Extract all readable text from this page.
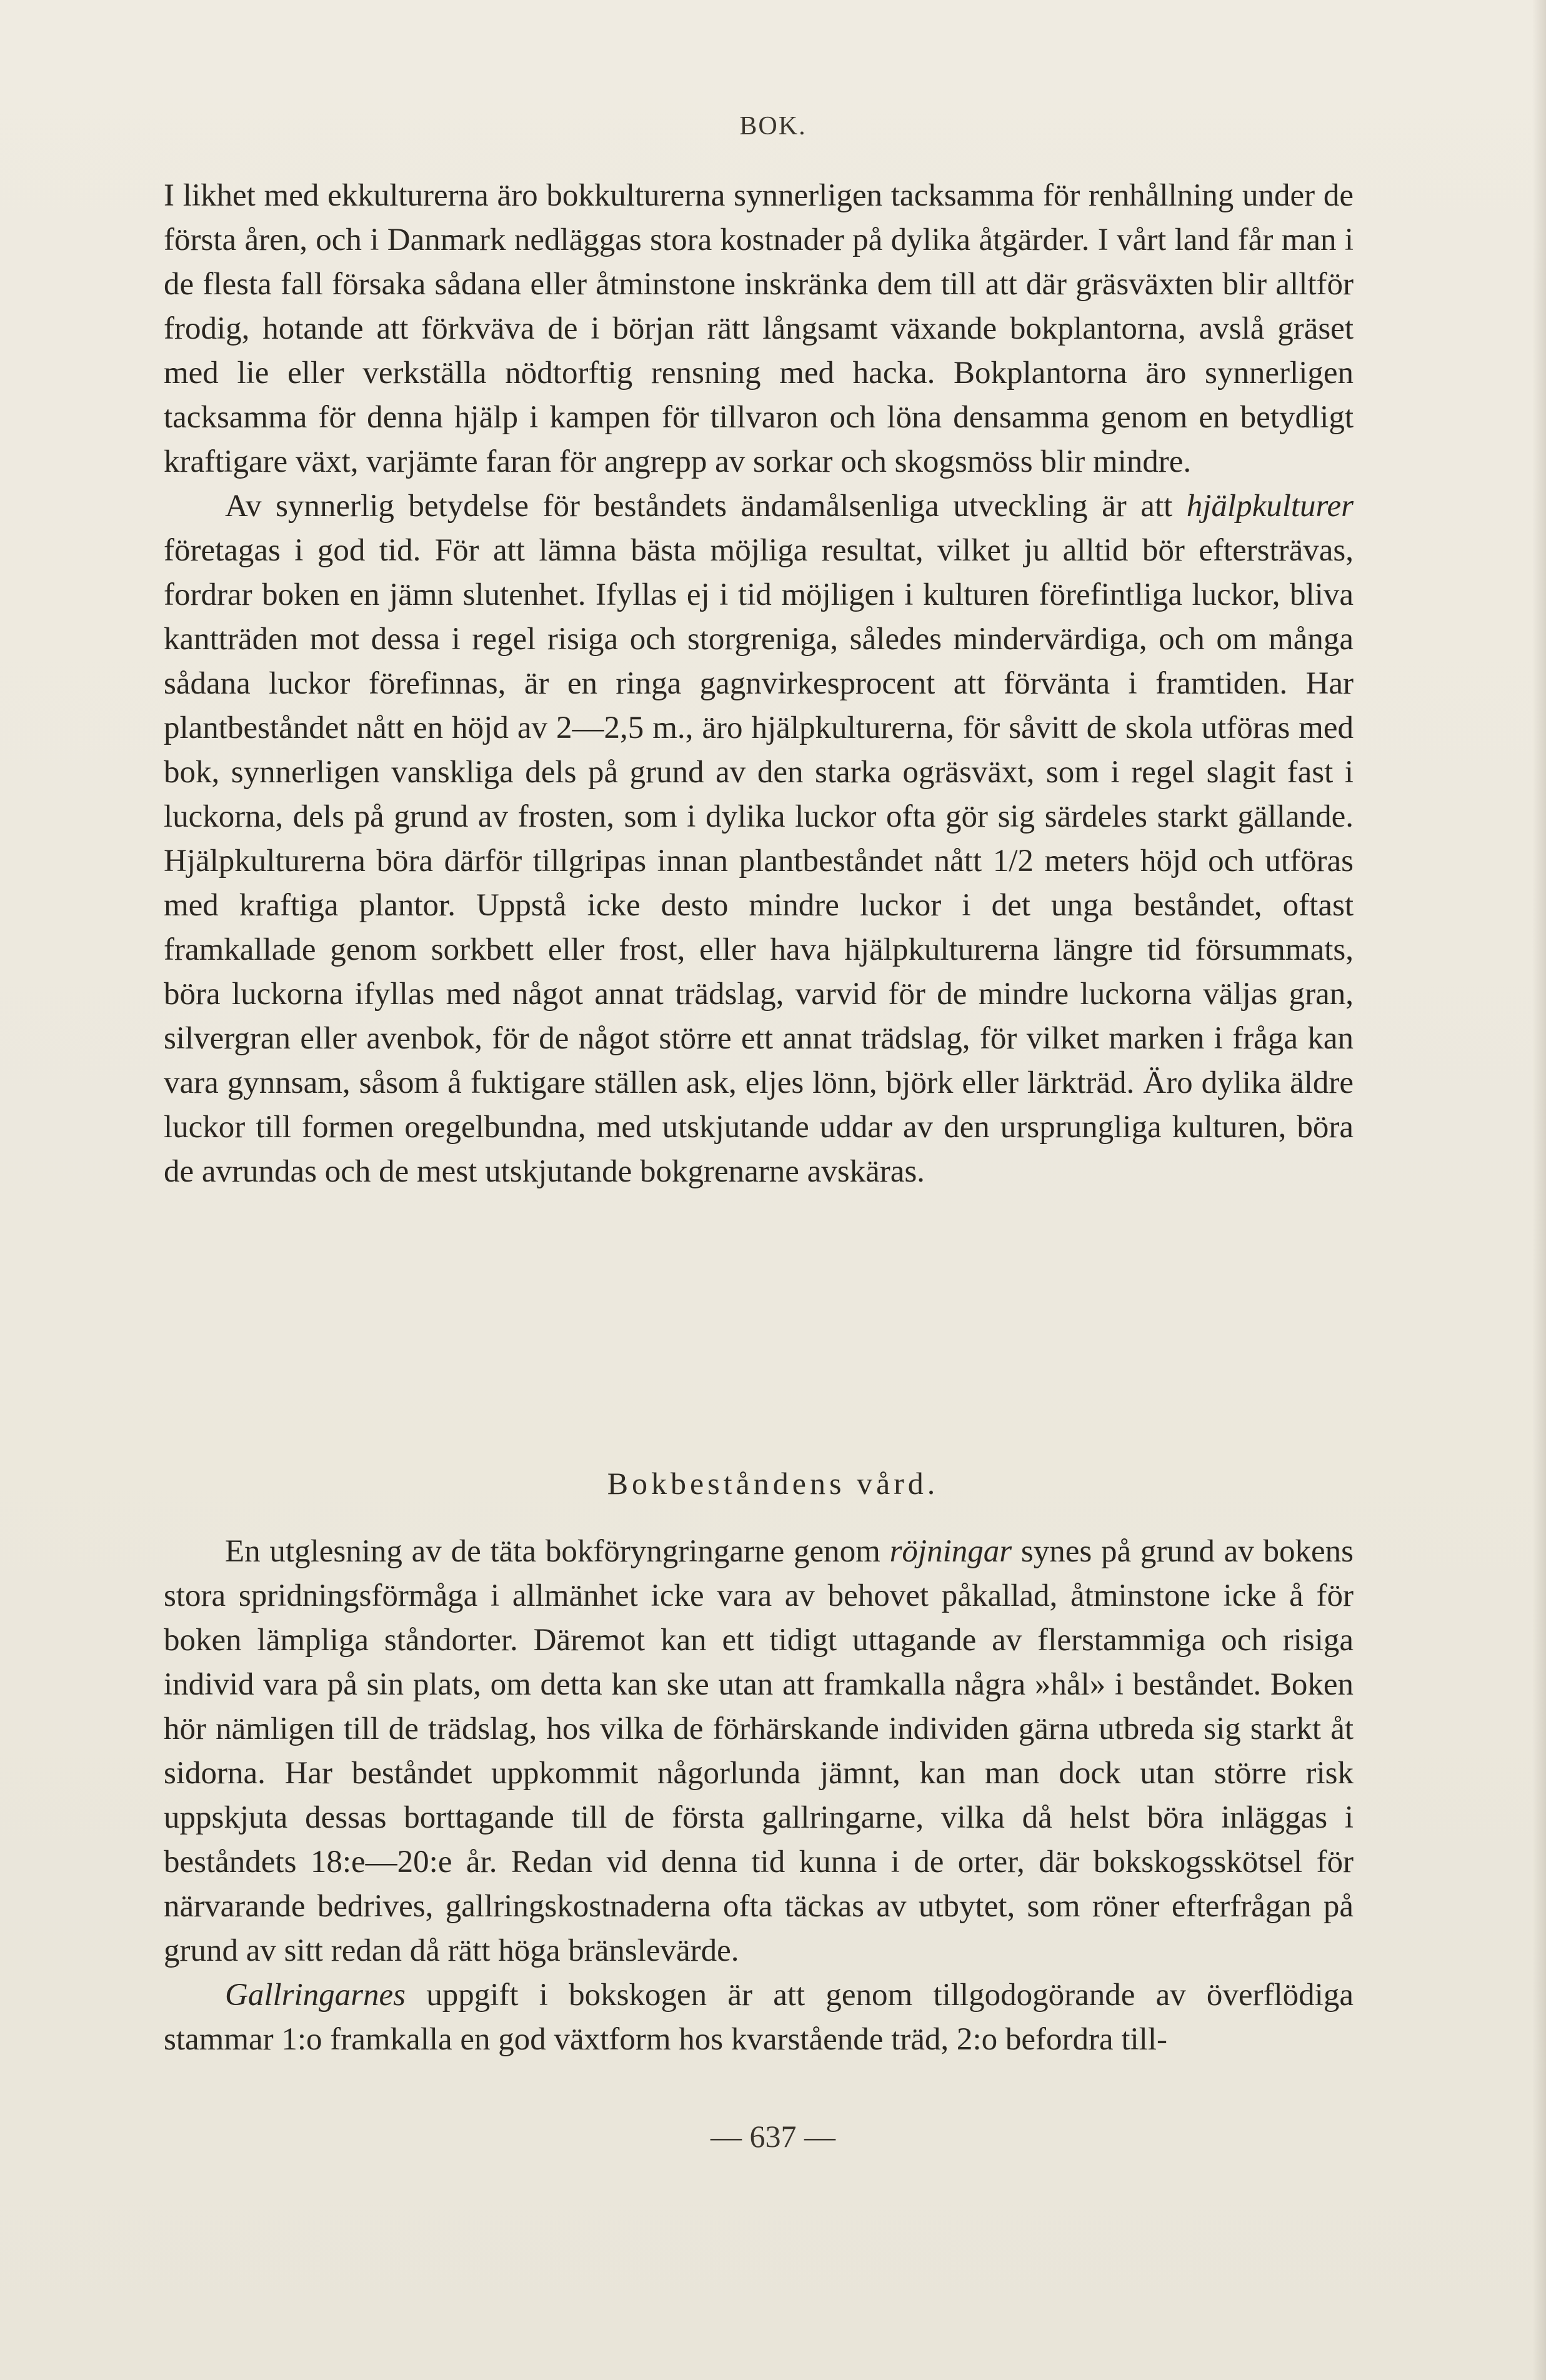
BOK.

I likhet med ekkulturerna äro bokkulturerna synnerligen tacksamma för renhållning under de första åren, och i Danmark nedläggas stora kostnader på dylika åtgärder. I vårt land får man i de flesta fall försaka sådana eller åtminstone inskränka dem till att där gräsväxten blir alltför frodig, hotande att förkväva de i början rätt långsamt växande bokplantorna, avslå gräset med lie eller verkställa nödtorftig rensning med hacka. Bokplantorna äro synnerligen tacksamma för denna hjälp i kampen för tillvaron och löna densamma genom en betydligt kraftigare växt, varjämte faran för angrepp av sorkar och skogsmöss blir mindre.

Av synnerlig betydelse för beståndets ändamålsenliga utveckling är att hjälpkulturer företagas i god tid. För att lämna bästa möjliga resultat, vilket ju alltid bör eftersträvas, fordrar boken en jämn slutenhet. Ifyllas ej i tid möjligen i kulturen förefintliga luckor, bliva kantträden mot dessa i regel risiga och storgreniga, således mindervärdiga, och om många sådana luckor förefinnas, är en ringa gagnvirkesprocent att förvänta i framtiden. Har plantbeståndet nått en höjd av 2—2,5 m., äro hjälpkulturerna, för såvitt de skola utföras med bok, synnerligen vanskliga dels på grund av den starka ogräsväxt, som i regel slagit fast i luckorna, dels på grund av frosten, som i dylika luckor ofta gör sig särdeles starkt gällande. Hjälpkulturerna böra därför tillgripas innan plantbeståndet nått 1/2 meters höjd och utföras med kraftiga plantor. Uppstå icke desto mindre luckor i det unga beståndet, oftast framkallade genom sorkbett eller frost, eller hava hjälpkulturerna längre tid försummats, böra luckorna ifyllas med något annat trädslag, varvid för de mindre luckorna väljas gran, silvergran eller avenbok, för de något större ett annat trädslag, för vilket marken i fråga kan vara gynnsam, såsom å fuktigare ställen ask, eljes lönn, björk eller lärkträd. Äro dylika äldre luckor till formen oregelbundna, med utskjutande uddar av den ursprungliga kulturen, böra de avrundas och de mest utskjutande bokgrenarne avskäras.

Bokbeståndens vård.

En utglesning av de täta bokföryngringarne genom röjningar synes på grund av bokens stora spridningsförmåga i allmänhet icke vara av behovet påkallad, åtminstone icke å för boken lämpliga ståndorter. Däremot kan ett tidigt uttagande av flerstammiga och risiga individ vara på sin plats, om detta kan ske utan att framkalla några »hål» i beståndet. Boken hör nämligen till de trädslag, hos vilka de förhärskande individen gärna utbreda sig starkt åt sidorna. Har beståndet uppkommit någorlunda jämnt, kan man dock utan större risk uppskjuta dessas borttagande till de första gallringarne, vilka då helst böra inläggas i beståndets 18:e—20:e år. Redan vid denna tid kunna i de orter, där bokskogsskötsel för närvarande bedrives, gallringskostnaderna ofta täckas av utbytet, som röner efterfrågan på grund av sitt redan då rätt höga bränslevärde.

Gallringarnes uppgift i bokskogen är att genom tillgodogörande av överflödiga stammar 1:o framkalla en god växtform hos kvarstående träd, 2:o befordra till-

— 637 —
